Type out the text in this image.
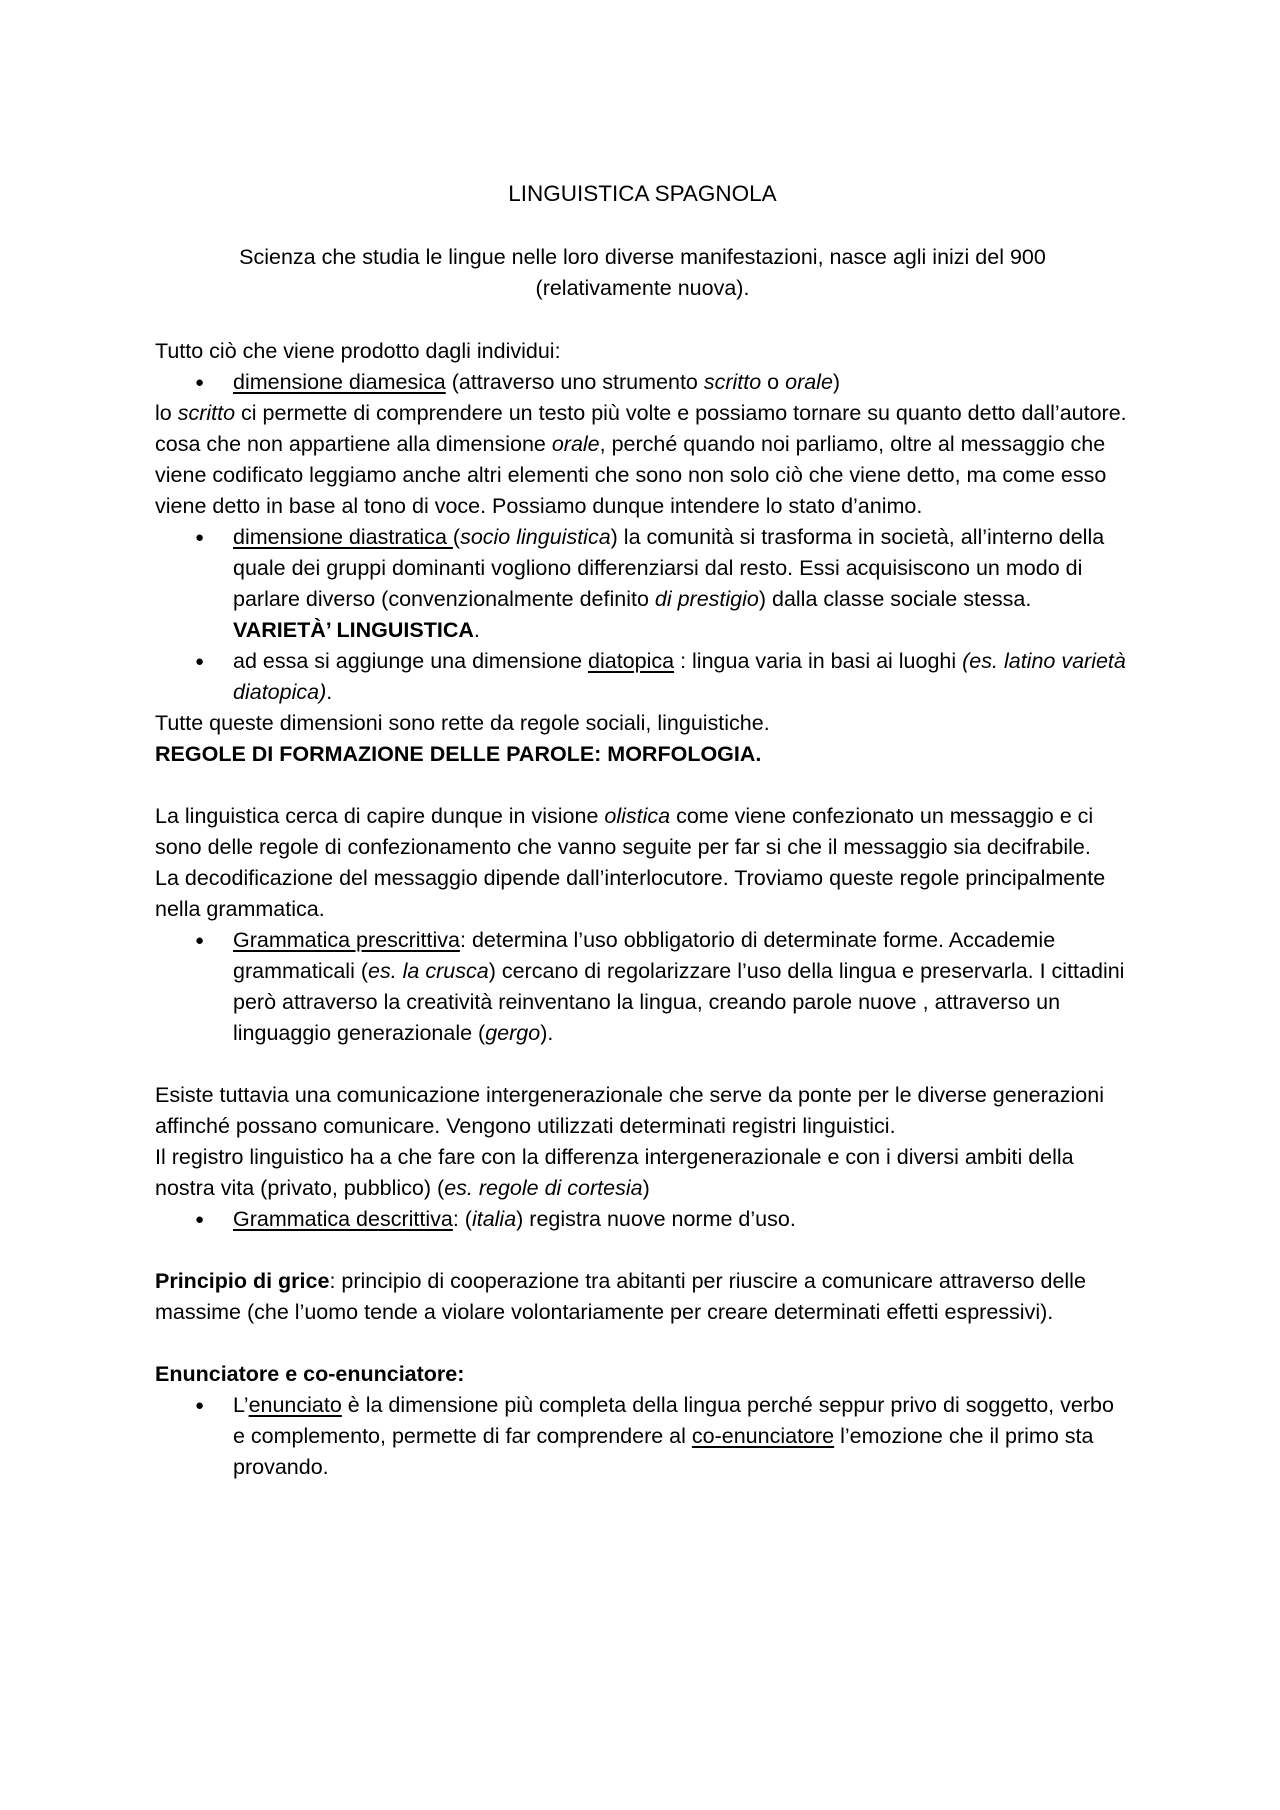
LINGUISTICA SPAGNOLA
Scienza che studia le lingue nelle loro diverse manifestazioni, nasce agli inizi del 900
(relativamente nuova).

Tutto ciò che viene prodotto dagli individui:

● dimensione diamesica (attraverso uno strumento scritto o orale)

lo scritto ci permette di comprendere un testo più volte e possiamo tornare su quanto detto dall’autore.

cosa che non appartiene alla dimensione orale, perché quando noi parliamo, oltre al messaggio che viene codificato leggiamo anche altri elementi che sono non solo ciò che viene detto, ma come esso viene detto in base al tono di voce. Possiamo dunque intendere lo stato d’animo.

● dimensione diastratica (socio linguistica) la comunità si trasforma in società, all’interno della quale dei gruppi dominanti vogliono differenziarsi dal resto. Essi acquisiscono un modo di parlare diverso (convenzionalmente definito di prestigio) dalla classe sociale stessa. VARIETÀ’ LINGUISTICA.
● ad essa si aggiunge una dimensione diatopica : lingua varia in basi ai luoghi (es. latino varietà diatopica).

Tutte queste dimensioni sono rette da regole sociali, linguistiche.

REGOLE DI FORMAZIONE DELLE PAROLE: MORFOLOGIA.

La linguistica cerca di capire dunque in visione olistica come viene confezionato un messaggio e ci sono delle regole di confezionamento che vanno seguite per far si che il messaggio sia decifrabile.

La decodificazione del messaggio dipende dall’interlocutore. Troviamo queste regole principalmente nella grammatica.

● Grammatica prescrittiva: determina l’uso obbligatorio di determinate forme. Accademie grammaticali (es. la crusca) cercano di regolarizzare l’uso della lingua e preservarla. I cittadini però attraverso la creatività reinventano la lingua, creando parole nuove , attraverso un linguaggio generazionale (gergo).

Esiste tuttavia una comunicazione intergenerazionale che serve da ponte per le diverse generazioni affinché possano comunicare. Vengono utilizzati determinati registri linguistici.

Il registro linguistico ha a che fare con la differenza intergenerazionale e con i diversi ambiti della nostra vita (privato, pubblico) (es. regole di cortesia)

● Grammatica descrittiva: (italia) registra nuove norme d’uso.

Principio di grice: principio di cooperazione tra abitanti per riuscire a comunicare attraverso delle massime (che l’uomo tende a violare volontariamente per creare determinati effetti espressivi).

Enunciatore e co-enunciatore:

● L’enunciato è la dimensione più completa della lingua perché seppur privo di soggetto, verbo e complemento, permette di far comprendere al co-enunciatore l’emozione che il primo sta provando.
